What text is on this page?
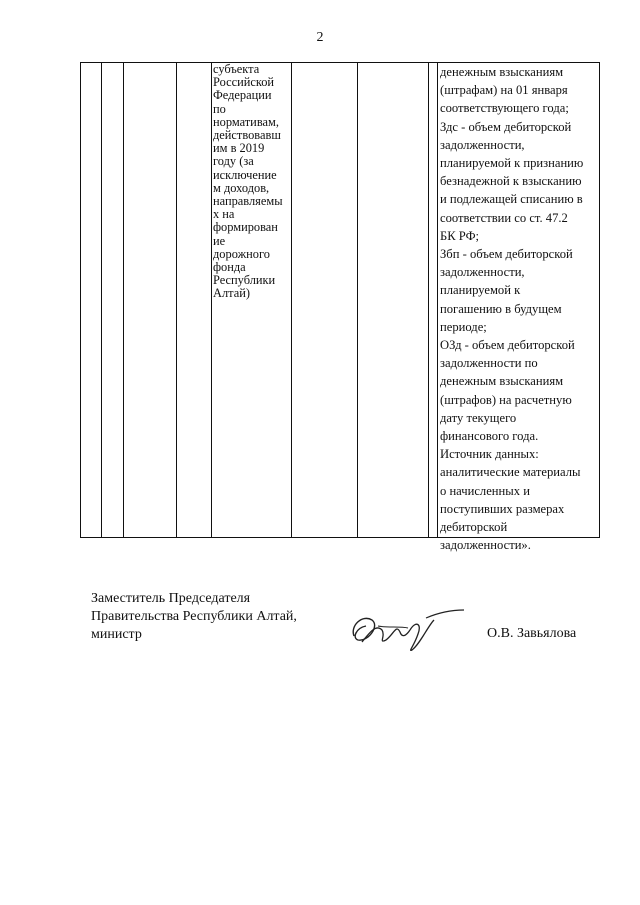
2

субъекта
Российской
Федерации
по
нормативам,
действовавш
им в 2019
году (за
исключение
м доходов,
направляемы
х на
формирован
ие
дорожного
фонда
Республики
Алтай)

денежным взысканиям
(штрафам) на 01 января
соответствующего года;
Здс - объем дебиторской
задолженности,
планируемой к признанию
безнадежной к взысканию
и подлежащей списанию в
соответствии со ст. 47.2
БК РФ;
Збп - объем дебиторской
задолженности,
планируемой к
погашению в будущем
периоде;
ОЗд - объем дебиторской
задолженности по
денежным взысканиям
(штрафов) на расчетную
дату текущего
финансового года.
Источник данных:
аналитические материалы
о начисленных и
поступивших размерах
дебиторской
задолженности».

Заместитель Председателя
Правительства Республики Алтай,
министр	О.В. Завьялова
